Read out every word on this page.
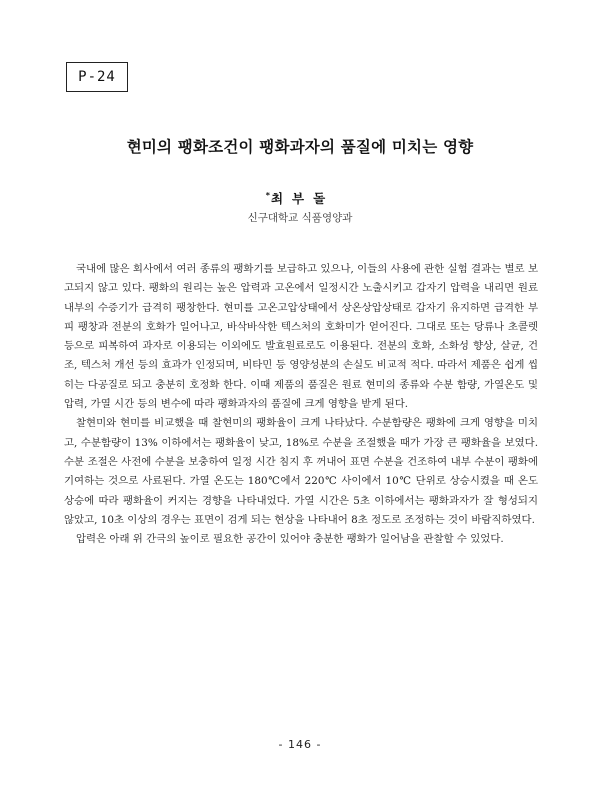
P-24
현미의 팽화조건이 팽화과자의 품질에 미치는 영향
*최부돌
신구대학교 식품영양과

국내에 많은 회사에서 여러 종류의 팽화기를 보급하고 있으나, 이들의 사용에 관한 실험 결과는 별로 보고되지 않고 있다. 팽화의 원리는 높은 압력과 고온에서 일정시간 노출시키고 갑자기 압력을 내리면 원료 내부의 수증기가 급격히 팽창한다. 현미를 고온고압상태에서 상온상압상태로 갑자기 유지하면 급격한 부피 팽창과 전분의 호화가 일어나고, 바삭바삭한 텍스처의 호화미가 얻어진다. 그대로 또는 당류나 초콜렛 등으로 피복하여 과자로 이용되는 이외에도 발효원료로도 이용된다. 전분의 호화, 소화성 향상, 살균, 건조, 텍스처 개선 등의 효과가 인정되며, 비타민 등 영양성분의 손실도 비교적 적다. 따라서 제품은 쉽게 씹히는 다공질로 되고 충분히 호정화 한다. 이때 제품의 품질은 원료 현미의 종류와 수분 함량, 가열온도 및 압력, 가열 시간 등의 변수에 따라 팽화과자의 품질에 크게 영향을 받게 된다.

찰현미와 현미를 비교했을 때 찰현미의 팽화율이 크게 나타났다. 수분함량은 팽화에 크게 영향을 미치고, 수분함량이 13% 이하에서는 팽화율이 낮고, 18%로 수분을 조절했을 때가 가장 큰 팽화율을 보였다. 수분 조절은 사전에 수분을 보충하여 일정 시간 침지 후 꺼내어 표면 수분을 건조하여 내부 수분이 팽화에 기여하는 것으로 사료된다. 가열 온도는 180℃에서 220℃ 사이에서 10℃ 단위로 상승시켰을 때 온도 상승에 따라 팽화율이 커지는 경향을 나타내었다. 가열 시간은 5초 이하에서는 팽화과자가 잘 형성되지 않았고, 10초 이상의 경우는 표면이 검게 되는 현상을 나타내어 8초 정도로 조정하는 것이 바람직하였다.

압력은 아래 위 간극의 높이로 필요한 공간이 있어야 충분한 팽화가 일어남을 관찰할 수 있었다.

- 146 -
